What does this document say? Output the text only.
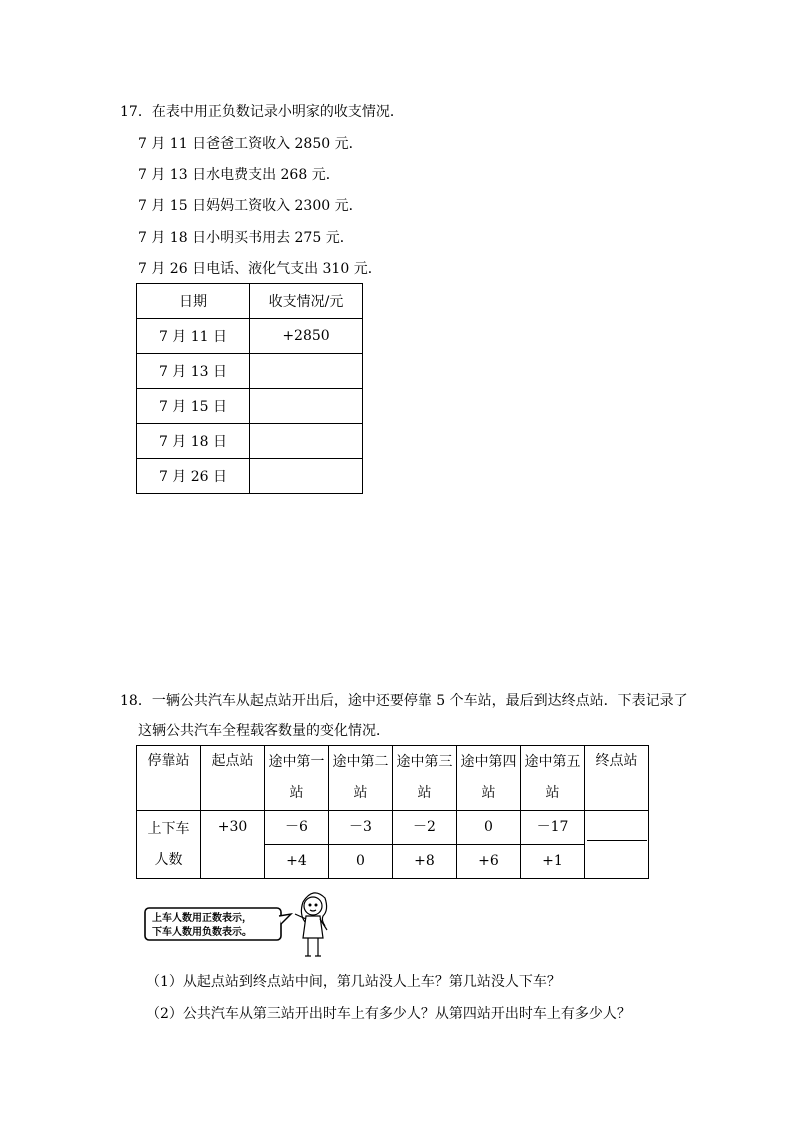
17．在表中用正负数记录小明家的收支情况．
7 月 11 日爸爸工资收入 2850 元．
7 月 13 日水电费支出 268 元．
7 月 15 日妈妈工资收入 2300 元．
7 月 18 日小明买书用去 275 元．
7 月 26 日电话、液化气支出 310 元．
日期	收支情况/元
7 月 11 日	+2850
7 月 13 日	
7 月 15 日	
7 月 18 日	
7 月 26 日	
18．一辆公共汽车从起点站开出后，途中还要停靠 5 个车站，最后到达终点站．下表记录了
这辆公共汽车全程载客数量的变化情况．
停靠站	起点站	途中第一站	途中第二站	途中第三站	途中第四站	途中第五站	终点站
上下车人数	+30	－6	－3	－2	0	－17	
		+4	0	+8	+6	+1	
上车人数用正数表示，
下车人数用负数表示。
（1）从起点站到终点站中间，第几站没人上车？第几站没人下车？
（2）公共汽车从第三站开出时车上有多少人？从第四站开出时车上有多少人？
